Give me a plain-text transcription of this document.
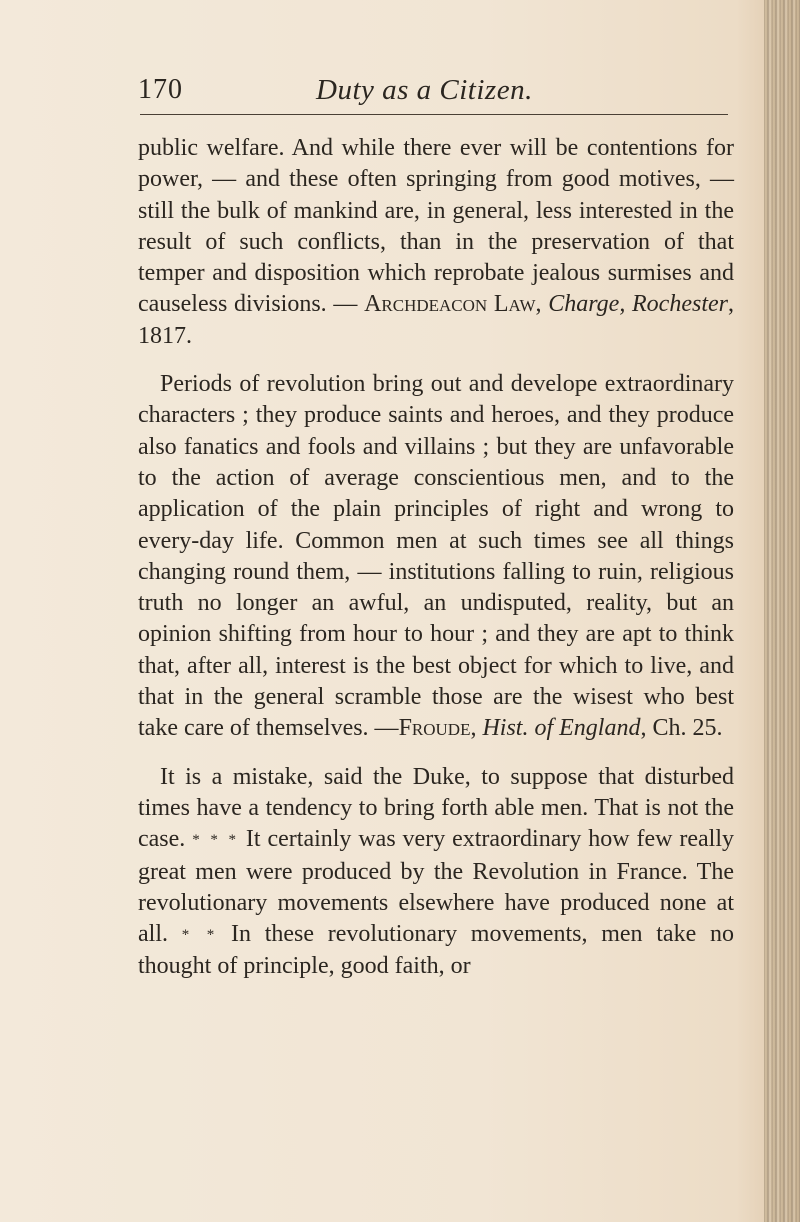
170	Duty as a Citizen.

public welfare. And while there ever will be contentions for power, — and these often springing from good motives, — still the bulk of mankind are, in general, less interested in the result of such conflicts, than in the preservation of that temper and disposition which reprobate jealous surmises and causeless divisions. — Archdeacon Law, Charge, Rochester, 1817.

Periods of revolution bring out and develope extraordinary characters ; they produce saints and heroes, and they produce also fanatics and fools and villains ; but they are unfavorable to the action of average conscientious men, and to the application of the plain principles of right and wrong to every-day life. Common men at such times see all things changing round them, — institutions falling to ruin, religious truth no longer an awful, an undisputed, reality, but an opinion shifting from hour to hour ; and they are apt to think that, after all, interest is the best object for which to live, and that in the general scramble those are the wisest who best take care of themselves. —Froude, Hist. of England, Ch. 25.

It is a mistake, said the Duke, to suppose that disturbed times have a tendency to bring forth able men. That is not the case. * * * It certainly was very extraordinary how few really great men were produced by the Revolution in France. The revolutionary movements elsewhere have produced none at all. * * In these revolutionary movements, men take no thought of principle, good faith, or
